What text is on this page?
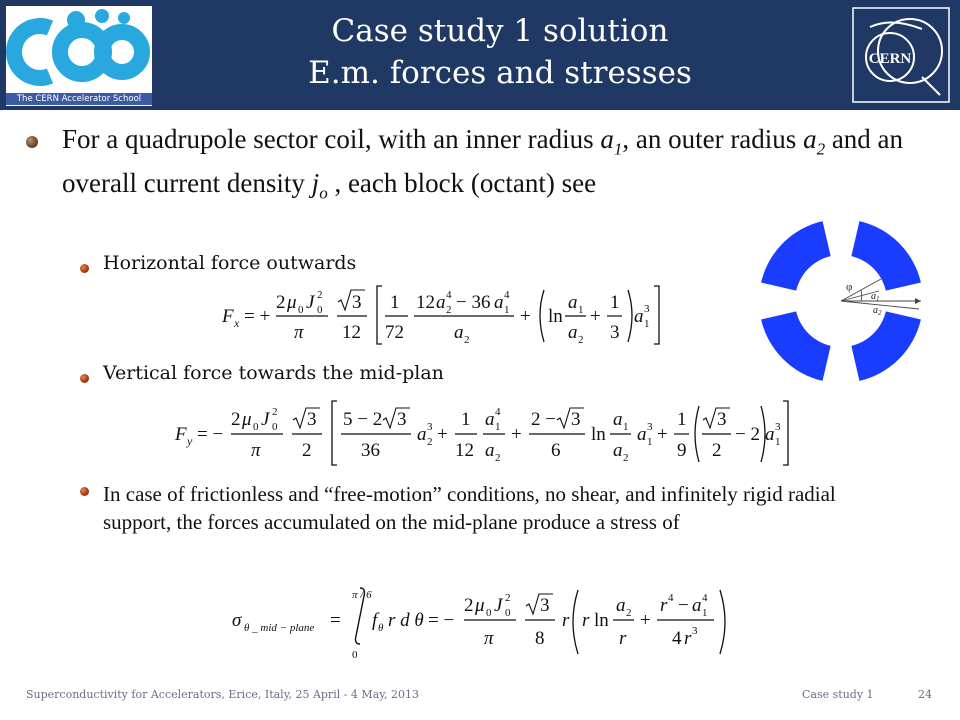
The CERN Accelerator School
Case study 1 solution
E.m. forces and stresses	CERN
For a quadrupole sector coil, with an inner radius $a_1$, an outer radius $a_2$ and an overall current density $j_o$ , each block (octant) see
Horizontal force outwards
F x = +
2 μ 0 J 2
0
π
3
12
1
72
12 a 2
4 − 36 a 1
4
a 2
+ ln
a 1
a 2
+
1
3
a 1
3
Vertical force towards the mid-plan
F y = −
2 μ 0 J 2
0
π
3
2
5 − 2 3
36
a 2
3 +
1
12
a 1
4
a 2
+
2 − 3
6
ln
a 1
a 2
a 1
3 +
1
9
3
2
− 2 a 1
3
In case of frictionless and “free-motion” conditions, no shear, and infinitely rigid radial support, the forces accumulated on the mid-plane produce a stress of
σ θ _ mid − plane =
π / 6
0
f θ r d θ = −
2 μ 0 J 2
0
π
3
8
r r ln
a 2
r
+
r 4 − a 1
4
4 r 3
φ
$a_1$
$a_2$
Superconductivity for Accelerators, Erice, Italy, 25 April - 4 May, 2013	Case study 1	24
